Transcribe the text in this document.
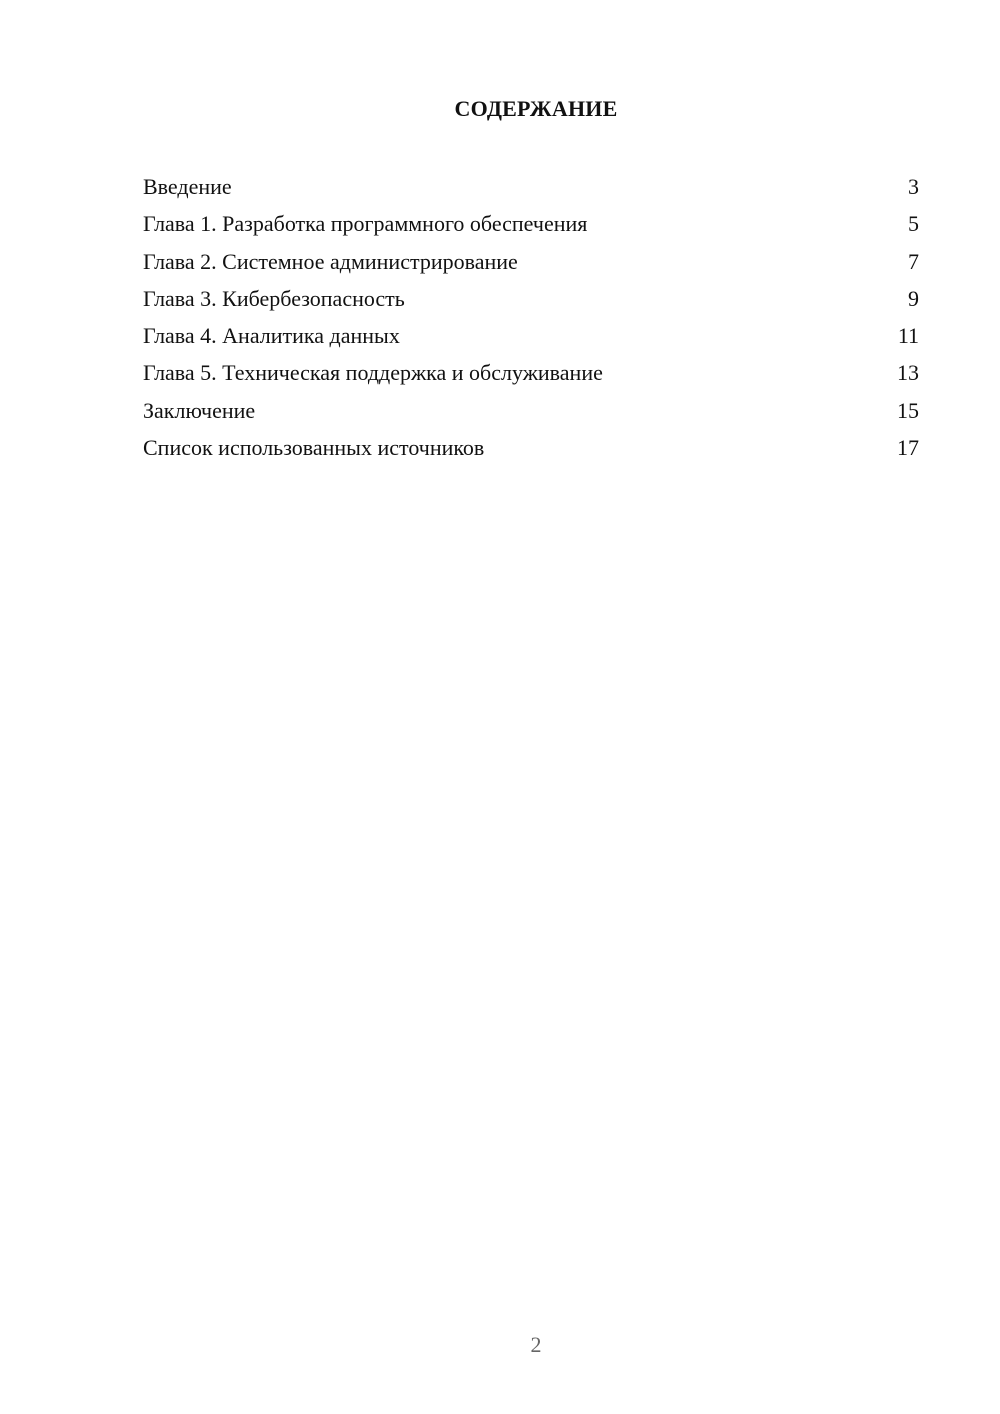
СОДЕРЖАНИЕ
Введение	3
Глава 1. Разработка программного обеспечения	5
Глава 2. Системное администрирование	7
Глава 3. Кибербезопасность	9
Глава 4. Аналитика данных	11
Глава 5. Техническая поддержка и обслуживание	13
Заключение	15
Список использованных источников	17
2
